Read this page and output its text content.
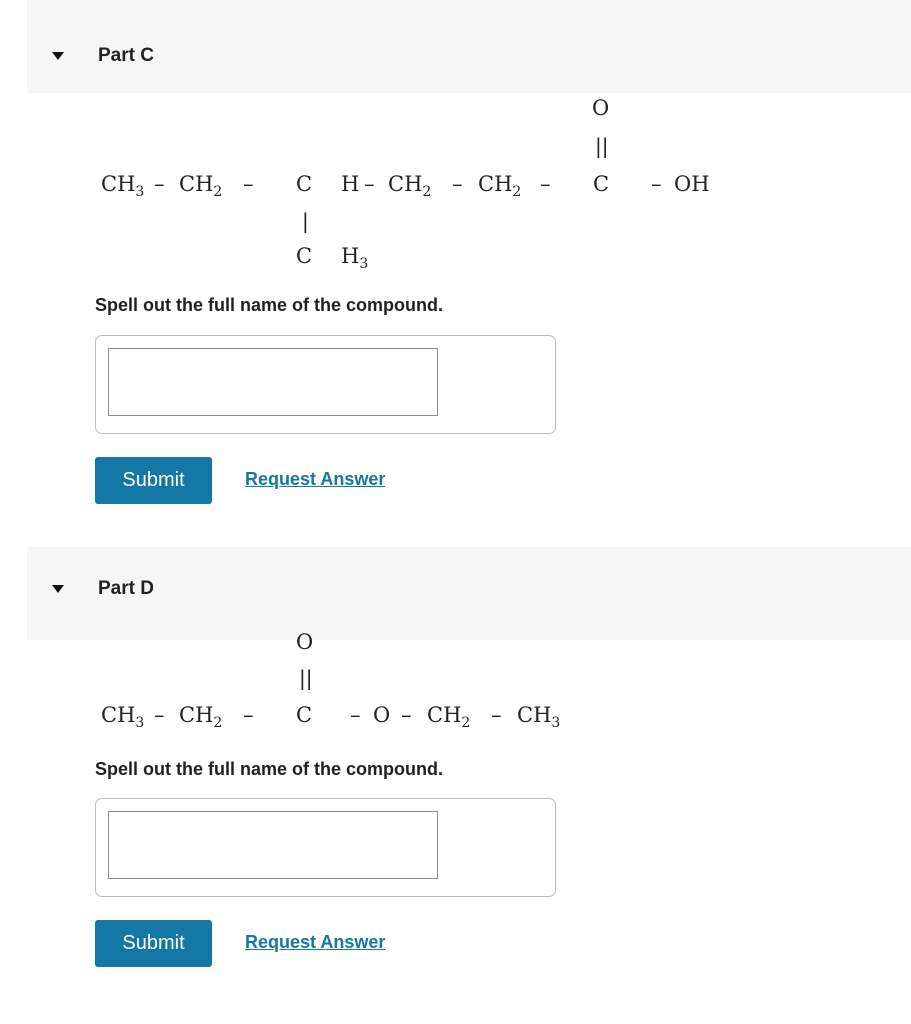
Part C
O
||
$CH_3 - CH_2$ – C H – $CH_2 - CH_2$ – C – OH
|
C $H_3$
Spell out the full name of the compound.
Submit	Request Answer
Part D
O
||
$CH_3 - CH_2$ – C – O – $CH_2 - CH_3$
Spell out the full name of the compound.
Submit	Request Answer
